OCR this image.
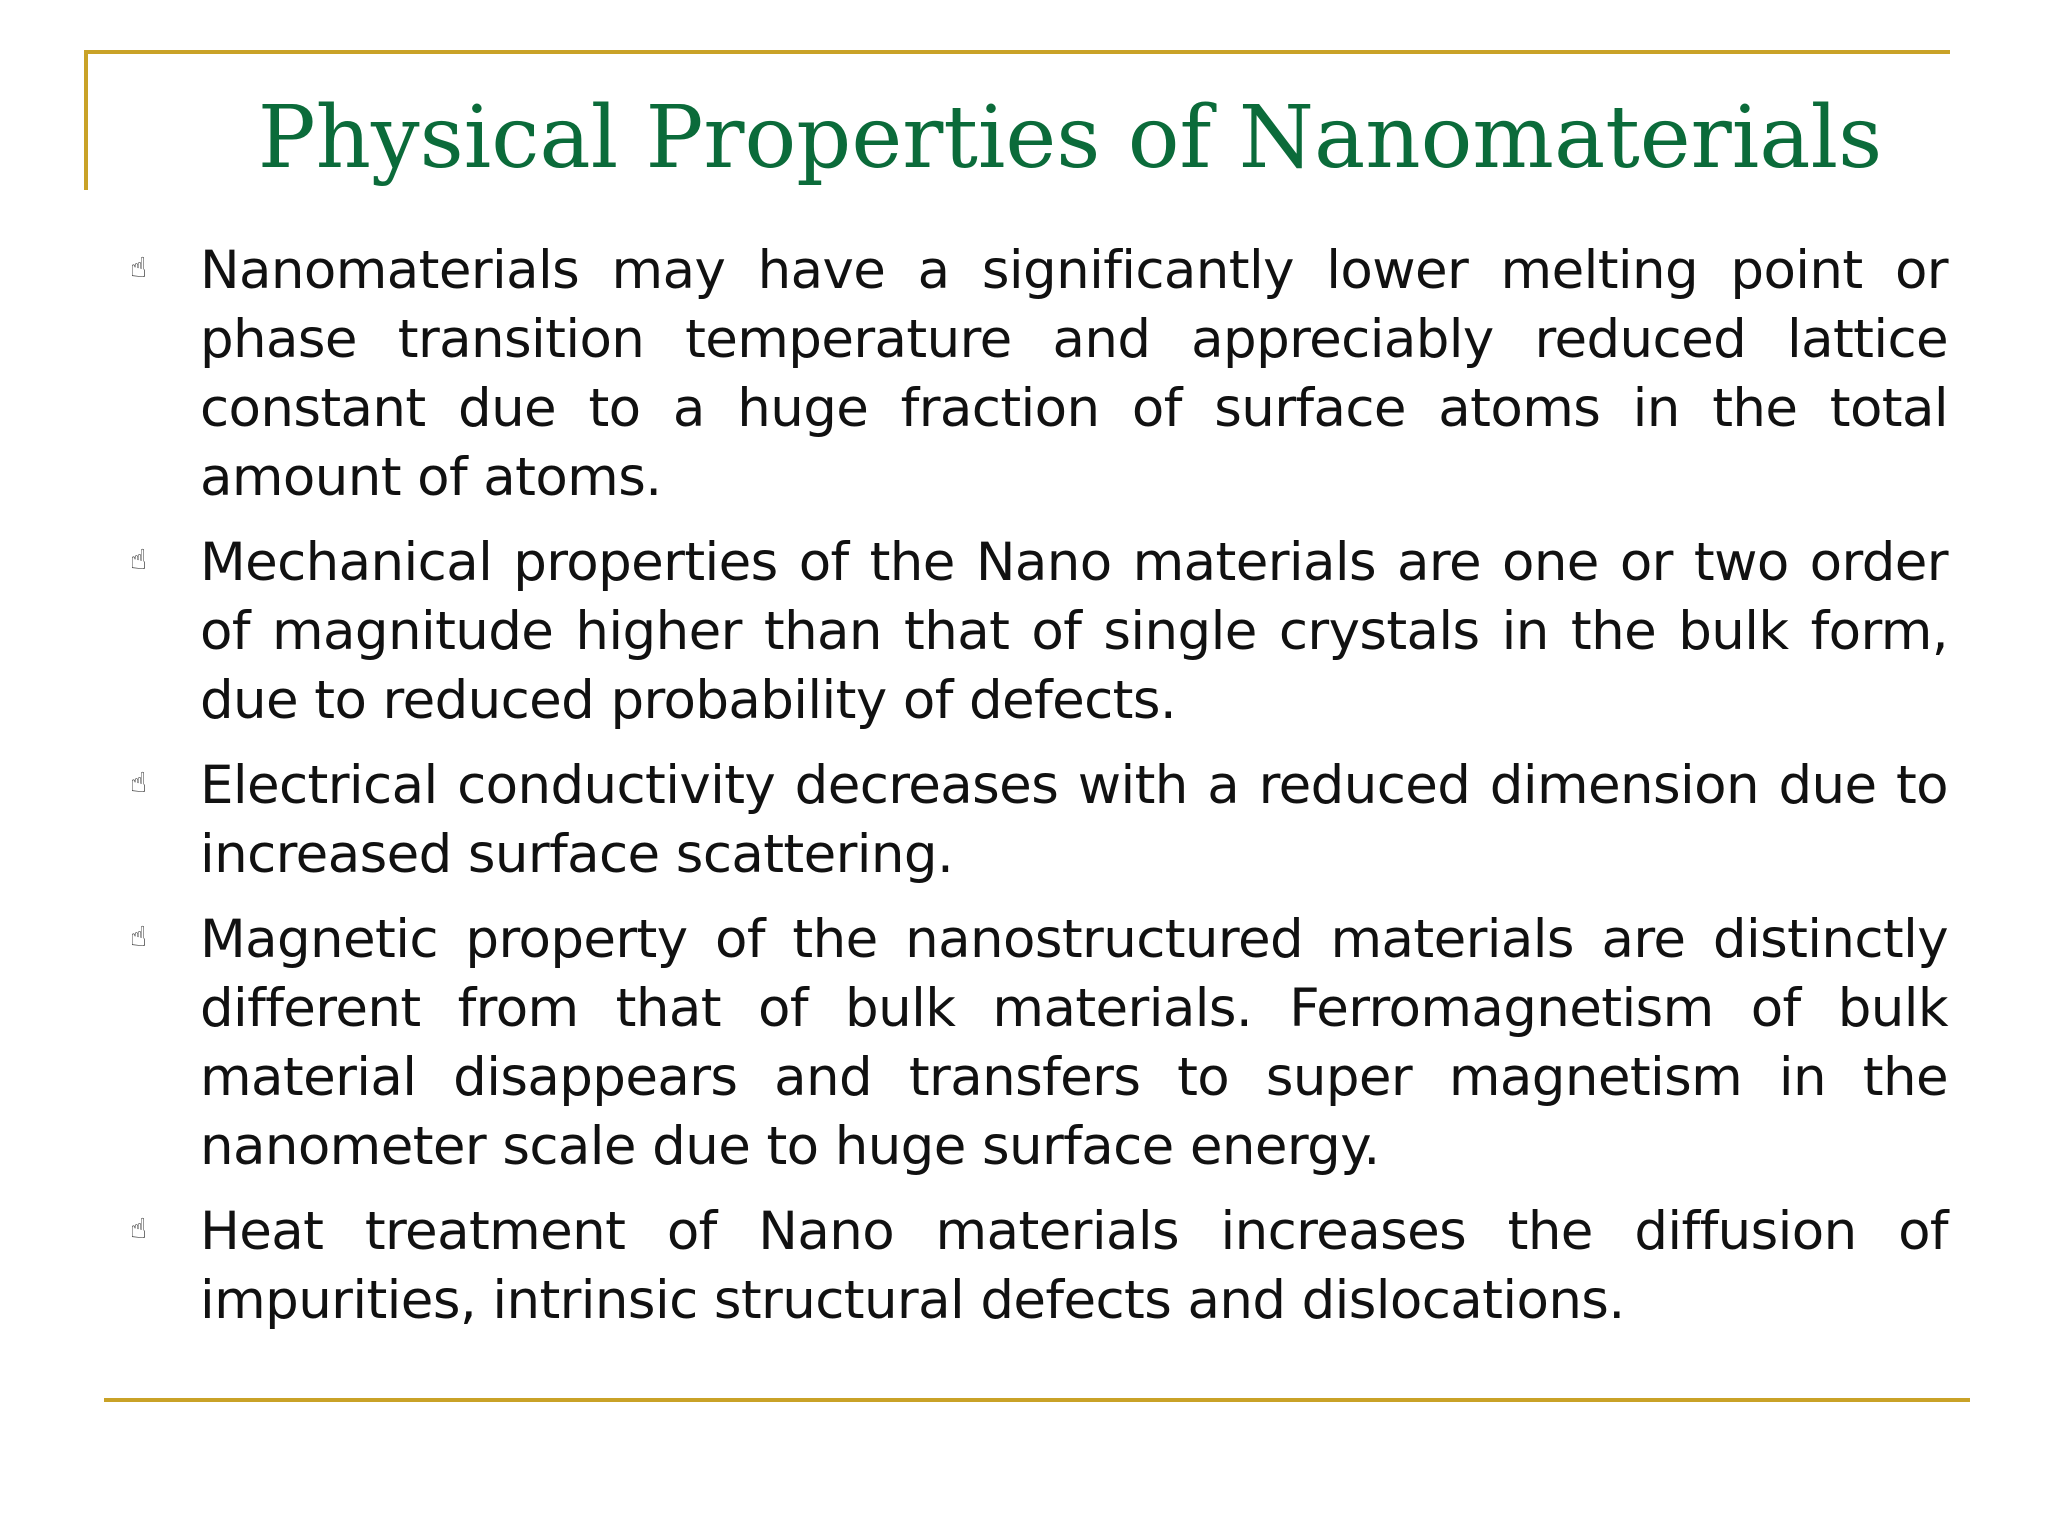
Physical Properties of Nanomaterials
☝ Nanomaterials may have a significantly lower melting point or phase transition temperature and appreciably reduced lattice constant due to a huge fraction of surface atoms in the total amount of atoms.
☝ Mechanical properties of the Nano materials are one or two order of magnitude higher than that of single crystals in the bulk form, due to reduced probability of defects.
☝ Electrical conductivity decreases with a reduced dimension due to increased surface scattering.
☝ Magnetic property of the nanostructured materials are distinctly different from that of bulk materials. Ferromagnetism of bulk material disappears and transfers to super magnetism in the nanometer scale due to huge surface energy.
☝ Heat treatment of Nano materials increases the diffusion of impurities, intrinsic structural defects and dislocations.
